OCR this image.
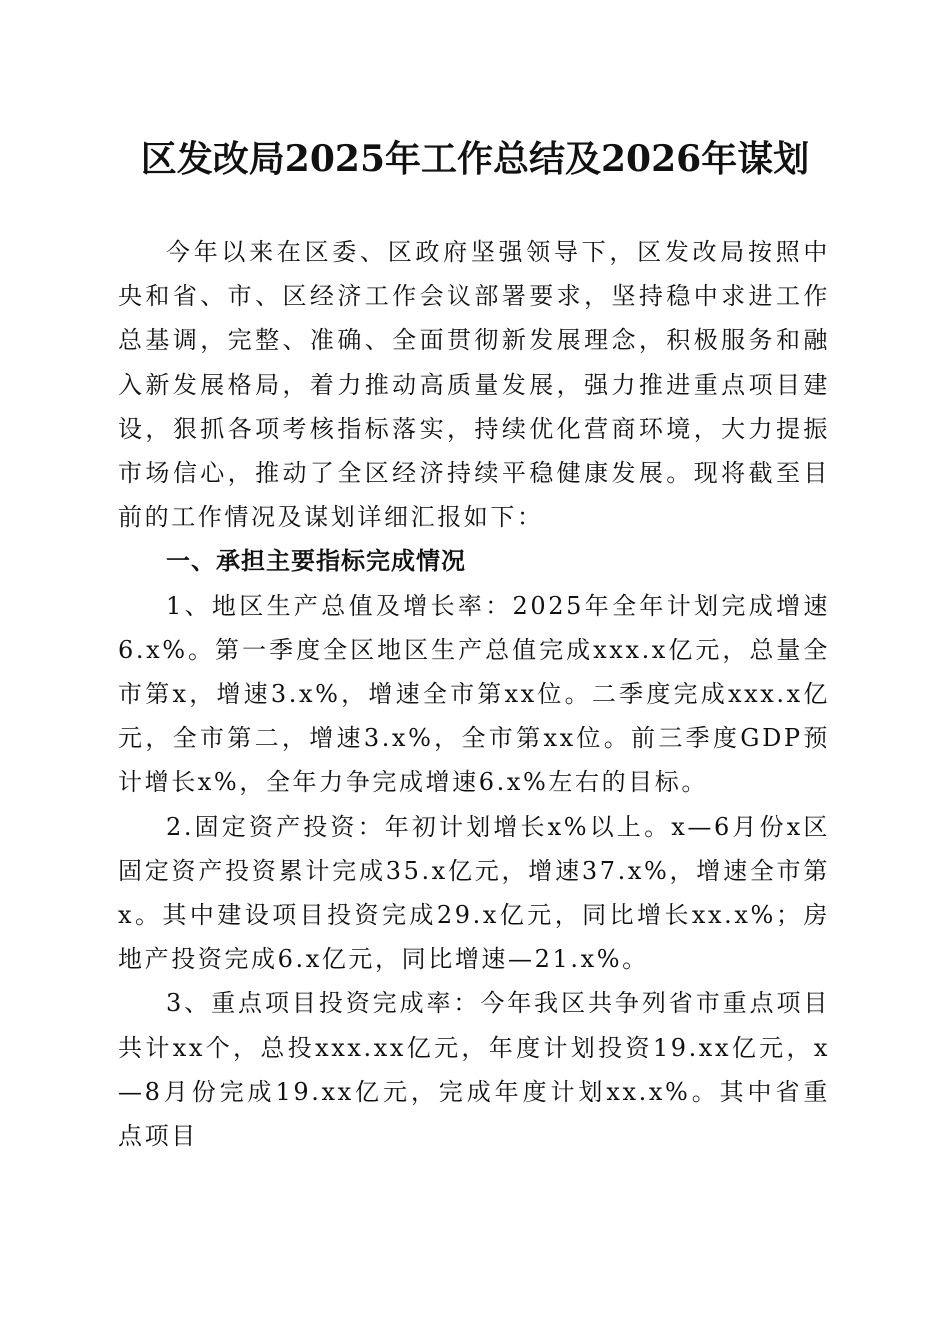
区发改局2025年工作总结及2026年谋划

今年以来在区委、区政府坚强领导下，区发改局按照中央和省、市、区经济工作会议部署要求，坚持稳中求进工作总基调，完整、准确、全面贯彻新发展理念，积极服务和融入新发展格局，着力推动高质量发展，强力推进重点项目建设，狠抓各项考核指标落实，持续优化营商环境，大力提振市场信心，推动了全区经济持续平稳健康发展。现将截至目前的工作情况及谋划详细汇报如下：

一、承担主要指标完成情况

1、地区生产总值及增长率：2025年全年计划完成增速6.x%。第一季度全区地区生产总值完成xxx.x亿元，总量全市第x，增速3.x%，增速全市第xx位。二季度完成xxx.x亿元，全市第二，增速3.x%，全市第xx位。前三季度GDP预计增长x%，全年力争完成增速6.x%左右的目标。

2.固定资产投资：年初计划增长x%以上。x—6月份x区固定资产投资累计完成35.x亿元，增速37.x%，增速全市第x。其中建设项目投资完成29.x亿元，同比增长xx.x%；房地产投资完成6.x亿元，同比增速—21.x%。

3、重点项目投资完成率：今年我区共争列省市重点项目共计xx个，总投xxx.xx亿元，年度计划投资19.xx亿元，x—8月份完成19.xx亿元，完成年度计划xx.x%。其中省重点项目
